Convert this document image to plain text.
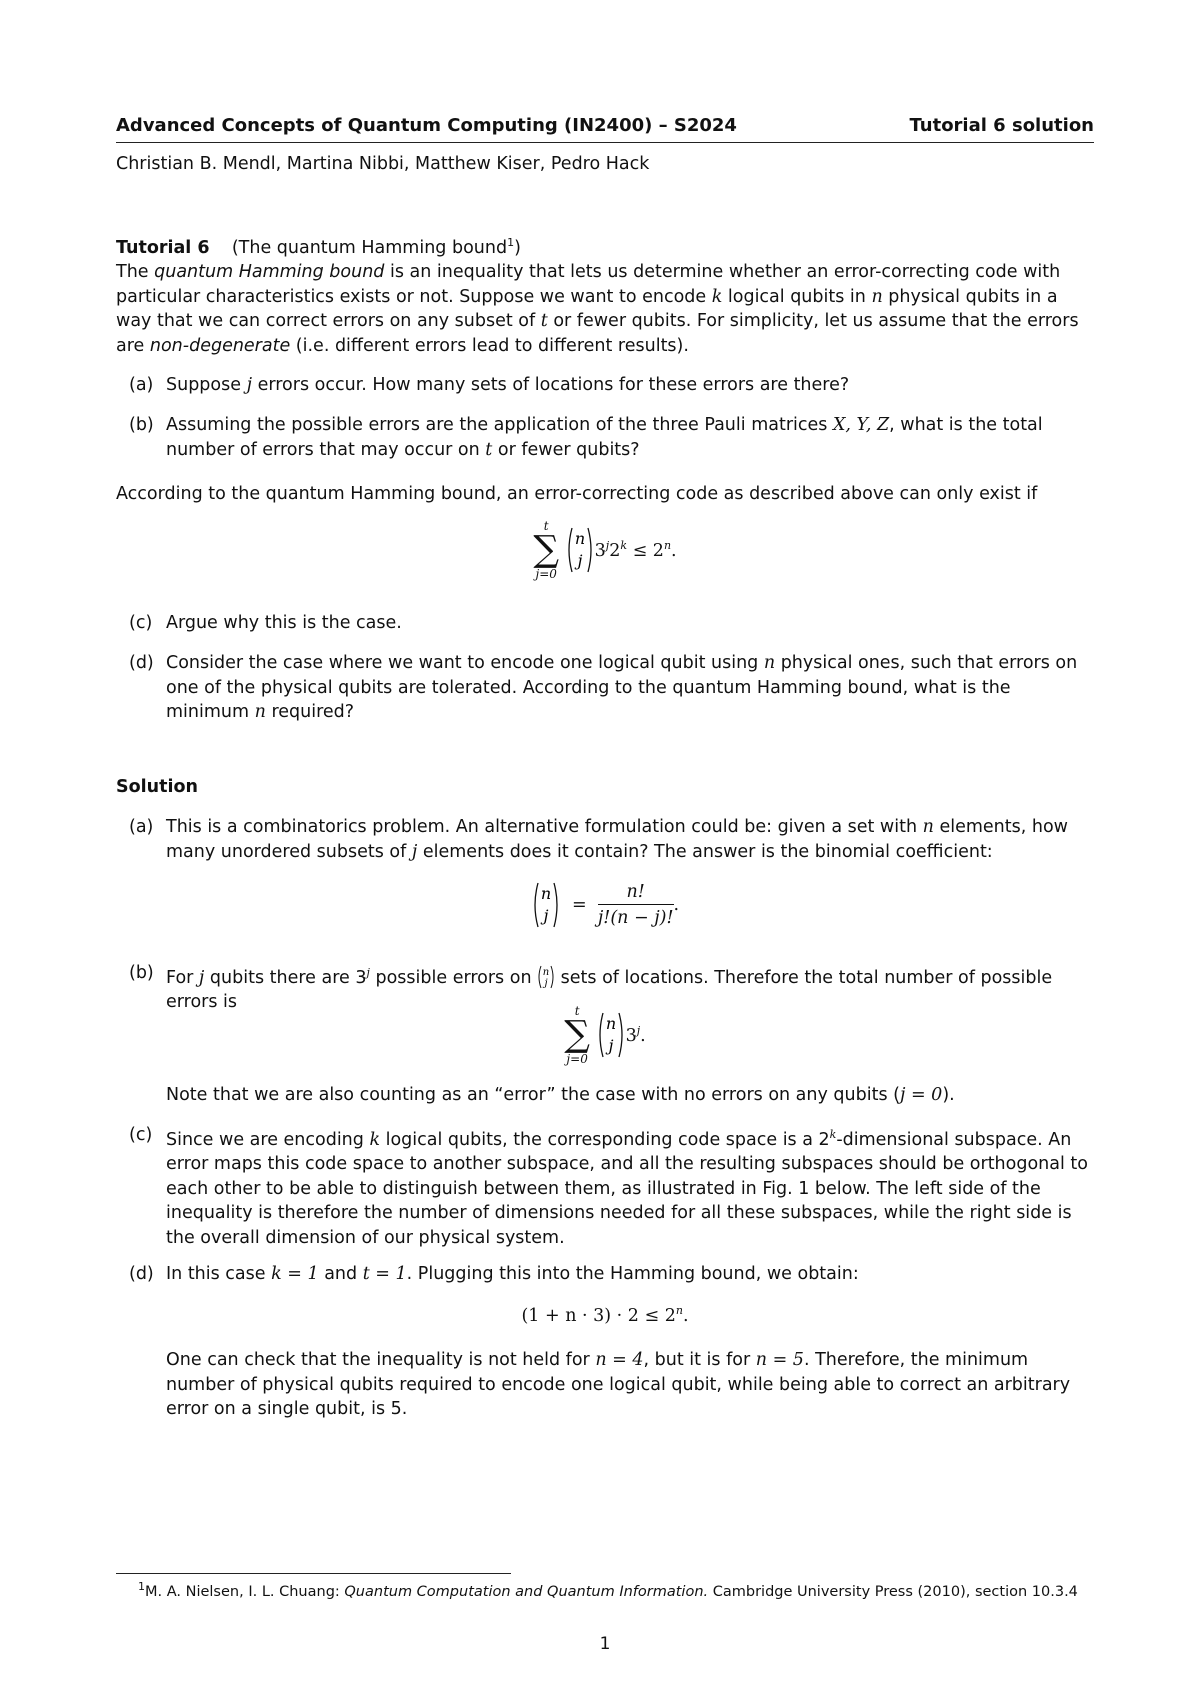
Advanced Concepts of Quantum Computing (IN2400) – S2024	Tutorial 6 solution
Christian B. Mendl, Martina Nibbi, Matthew Kiser, Pedro Hack
Tutorial 6 (The quantum Hamming bound$^1$)
The quantum Hamming bound is an inequality that lets us determine whether an error-correcting code with particular characteristics exists or not. Suppose we want to encode k logical qubits in n physical qubits in a way that we can correct errors on any subset of t or fewer qubits. For simplicity, let us assume that the errors are non-degenerate (i.e. different errors lead to different results).
(a) Suppose j errors occur. How many sets of locations for these errors are there?
(b) Assuming the possible errors are the application of the three Pauli matrices X, Y, Z, what is the total number of errors that may occur on t or fewer qubits?
According to the quantum Hamming bound, an error-correcting code as described above can only exist if
t
∑
j=0

n
j $3^j2^k \le 2^n$.
(c) Argue why this is the case.
(d) Consider the case where we want to encode one logical qubit using n physical ones, such that errors on one of the physical qubits are tolerated. According to the quantum Hamming bound, what is the minimum n required?
Solution
(a) This is a combinatorics problem. An alternative formulation could be: given a set with n elements, how many unordered subsets of j elements does it contain? The answer is the binomial coefficient:
n
j
= $\frac{n!}{j!(n - j)!}$ .
(b) For j qubits there are 3$^j$ possible errors on n
j sets of locations. Therefore the total number of possible errors is	t
∑
j=0

n
j 3$^j$.
Note that we are also counting as an “error” the case with no errors on any qubits (j = 0).
(c) Since we are encoding k logical qubits, the corresponding code space is a 2$^k$-dimensional subspace. An error maps this code space to another subspace, and all the resulting subspaces should be orthogonal to each other to be able to distinguish between them, as illustrated in Fig. 1 below. The left side of the inequality is therefore the number of dimensions needed for all these subspaces, while the right side is the overall dimension of our physical system.
(d) In this case k = 1 and t = 1. Plugging this into the Hamming bound, we obtain:
$(1 + n \cdot 3) \cdot 2 \le 2^n$.
One can check that the inequality is not held for n = 4, but it is for n = 5. Therefore, the minimum number of physical qubits required to encode one logical qubit, while being able to correct an arbitrary error on a single qubit, is 5.
$^1$M. A. Nielsen, I. L. Chuang: Quantum Computation and Quantum Information. Cambridge University Press (2010), section 10.3.4
1
